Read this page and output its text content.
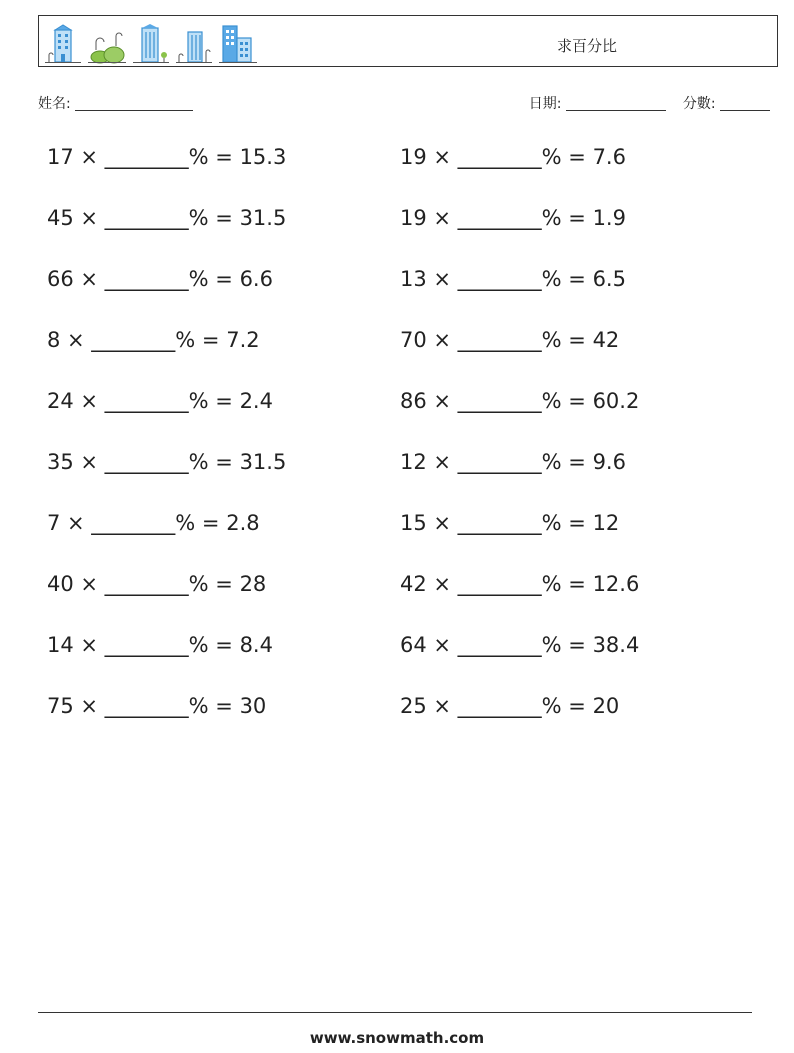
求百分比
姓名:	日期:	分數:
17 × ________% = 15.3
45 × ________% = 31.5
66 × ________% = 6.6
8 × ________% = 7.2
24 × ________% = 2.4
35 × ________% = 31.5
7 × ________% = 2.8
40 × ________% = 28
14 × ________% = 8.4
75 × ________% = 30
19 × ________% = 7.6
19 × ________% = 1.9
13 × ________% = 6.5
70 × ________% = 42
86 × ________% = 60.2
12 × ________% = 9.6
15 × ________% = 12
42 × ________% = 12.6
64 × ________% = 38.4
25 × ________% = 20
www.snowmath.com
